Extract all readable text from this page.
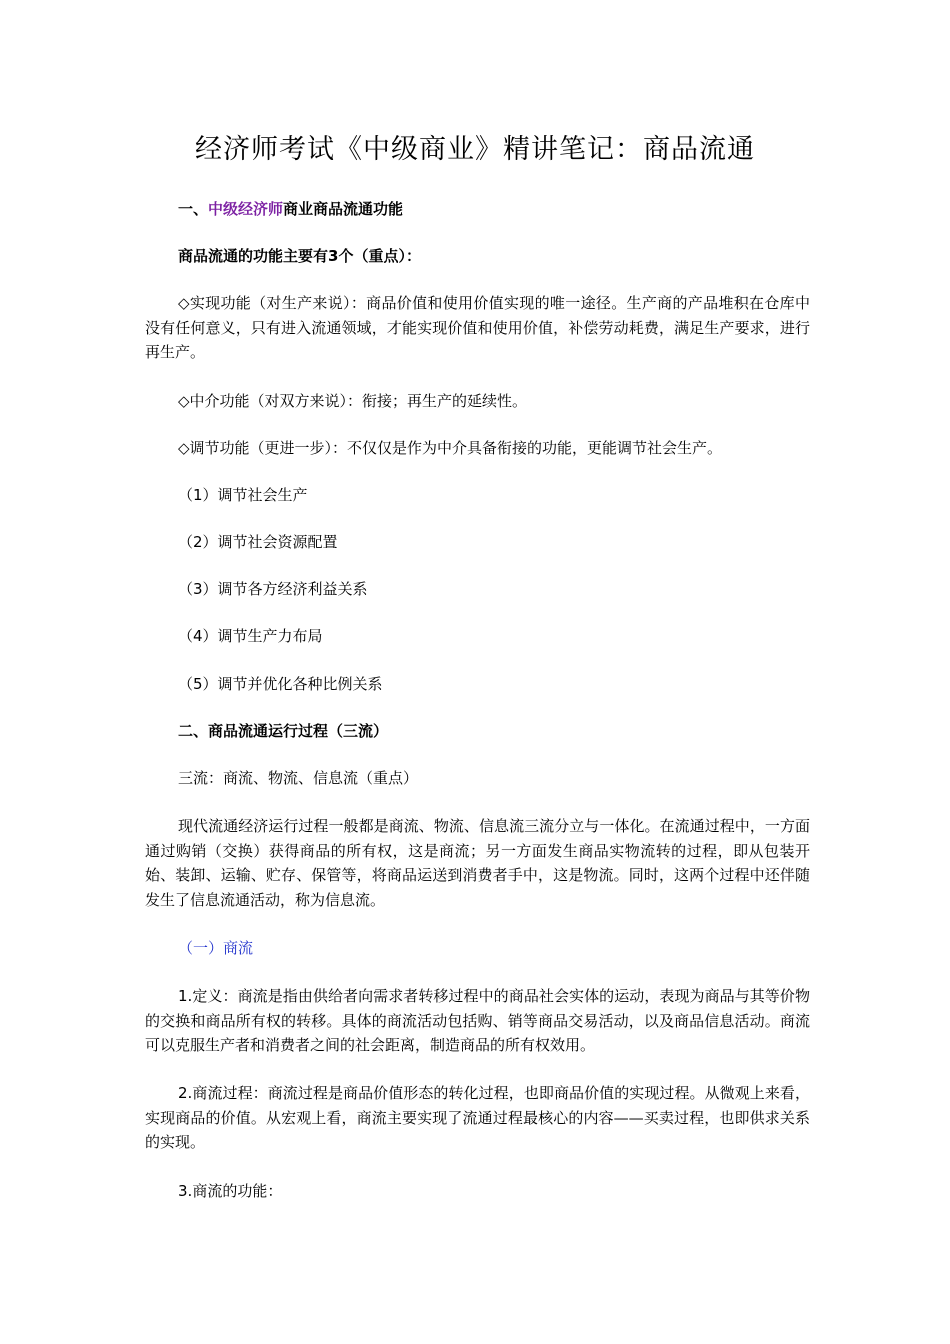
经济师考试《中级商业》精讲笔记：商品流通
一、中级经济师商业商品流通功能
商品流通的功能主要有3个（重点）：
◇实现功能（对生产来说）：商品价值和使用价值实现的唯一途径。生产商的产品堆积在仓库中没有任何意义，只有进入流通领域，才能实现价值和使用价值，补偿劳动耗费，满足生产要求，进行再生产。
◇中介功能（对双方来说）：衔接；再生产的延续性。
◇调节功能（更进一步）：不仅仅是作为中介具备衔接的功能，更能调节社会生产。
（1）调节社会生产
（2）调节社会资源配置
（3）调节各方经济利益关系
（4）调节生产力布局
（5）调节并优化各种比例关系
二、商品流通运行过程（三流）
三流：商流、物流、信息流（重点）
现代流通经济运行过程一般都是商流、物流、信息流三流分立与一体化。在流通过程中，一方面通过购销（交换）获得商品的所有权，这是商流；另一方面发生商品实物流转的过程，即从包装开始、装卸、运输、贮存、保管等，将商品运送到消费者手中，这是物流。同时，这两个过程中还伴随发生了信息流通活动，称为信息流。
（一）商流
1.定义：商流是指由供给者向需求者转移过程中的商品社会实体的运动，表现为商品与其等价物的交换和商品所有权的转移。具体的商流活动包括购、销等商品交易活动，以及商品信息活动。商流可以克服生产者和消费者之间的社会距离，制造商品的所有权效用。
2.商流过程：商流过程是商品价值形态的转化过程，也即商品价值的实现过程。从微观上来看，实现商品的价值。从宏观上看，商流主要实现了流通过程最核心的内容——买卖过程，也即供求关系的实现。
3.商流的功能：
